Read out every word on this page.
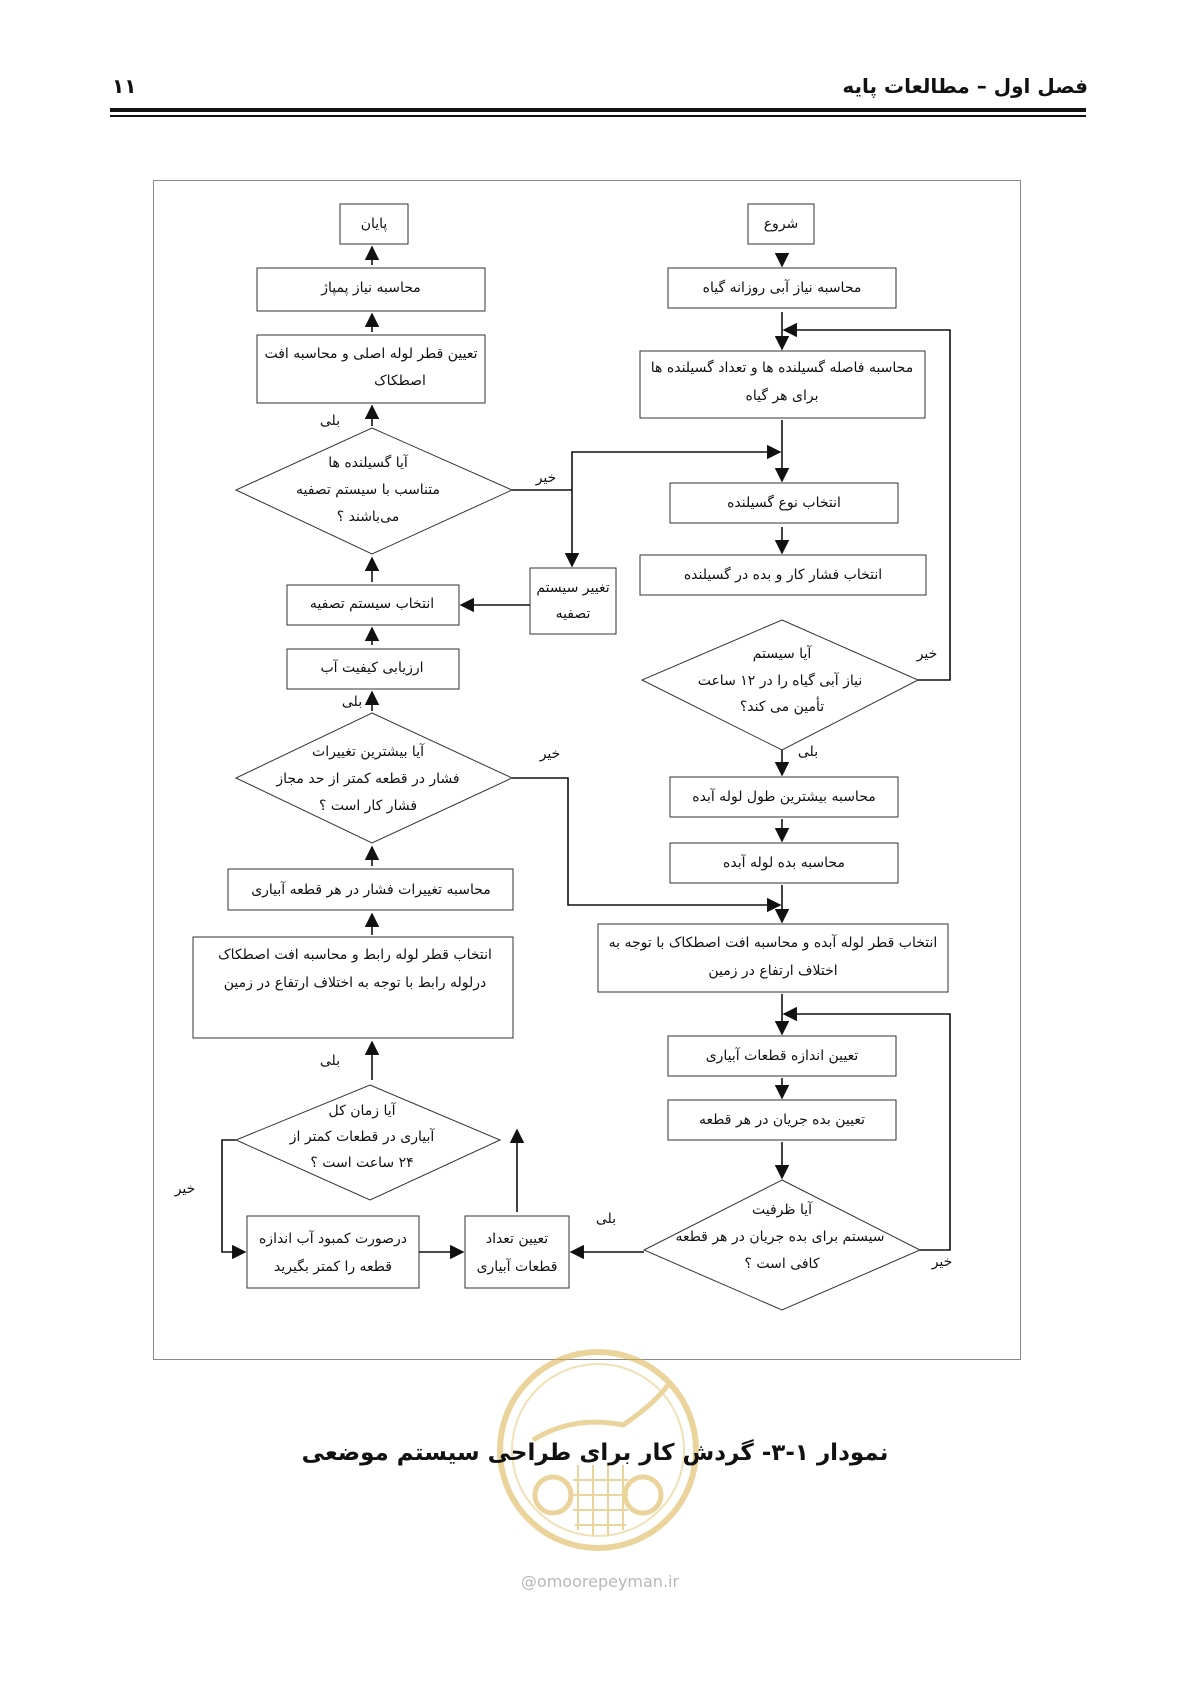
فصل اول – مطالعات پایه
۱۱
شروع
محاسبه نیاز آبی روزانه گیاه
محاسبه فاصله گسیلنده ها و تعداد گسیلنده ها
برای هر گیاه
انتخاب نوع گسیلنده
انتخاب فشار کار و بده در گسیلنده
آیا سیستم
نیاز آبی گیاه را در ۱۲ ساعت
تأمین می کند؟
محاسبه بیشترین طول لوله آبده
محاسبه بده لوله آبده
انتخاب قطر لوله آبده و محاسبه افت اصطکاک با توجه به
اختلاف ارتفاع در زمین
تعیین اندازه قطعات آبیاری
تعیین بده جریان در هر قطعه
آیا ظرفیت
سیستم برای بده جریان در هر قطعه
کافی است ؟
تعیین تعداد
قطعات آبیاری
درصورت کمبود آب اندازه
قطعه را کمتر بگیرید
آیا زمان کل
آبیاری در قطعات کمتر از
۲۴ ساعت است ؟
پایان
محاسبه نیاز پمپاژ
تعیین قطر لوله اصلی و محاسبه افت
اصطکاک
آیا گسیلنده ها
متناسب با سیستم تصفیه
می‌باشند ؟
انتخاب سیستم تصفیه
تغییر سیستم
تصفیه
ارزیابی کیفیت آب
آیا بیشترین تغییرات
فشار در قطعه کمتر از حد مجاز
فشار کار است ؟
محاسبه تغییرات فشار در هر قطعه آبیاری
انتخاب قطر لوله رابط و محاسبه افت اصطکاک
درلوله رابط با توجه به اختلاف ارتفاع در زمین
بلی
خیر
خیر
بلی
خیر
بلی
خیر
بلی
خیر
بلی
@omoorepeyman.ir
نمودار ۱-۳- گردش کار برای طراحی سیستم موضعی
